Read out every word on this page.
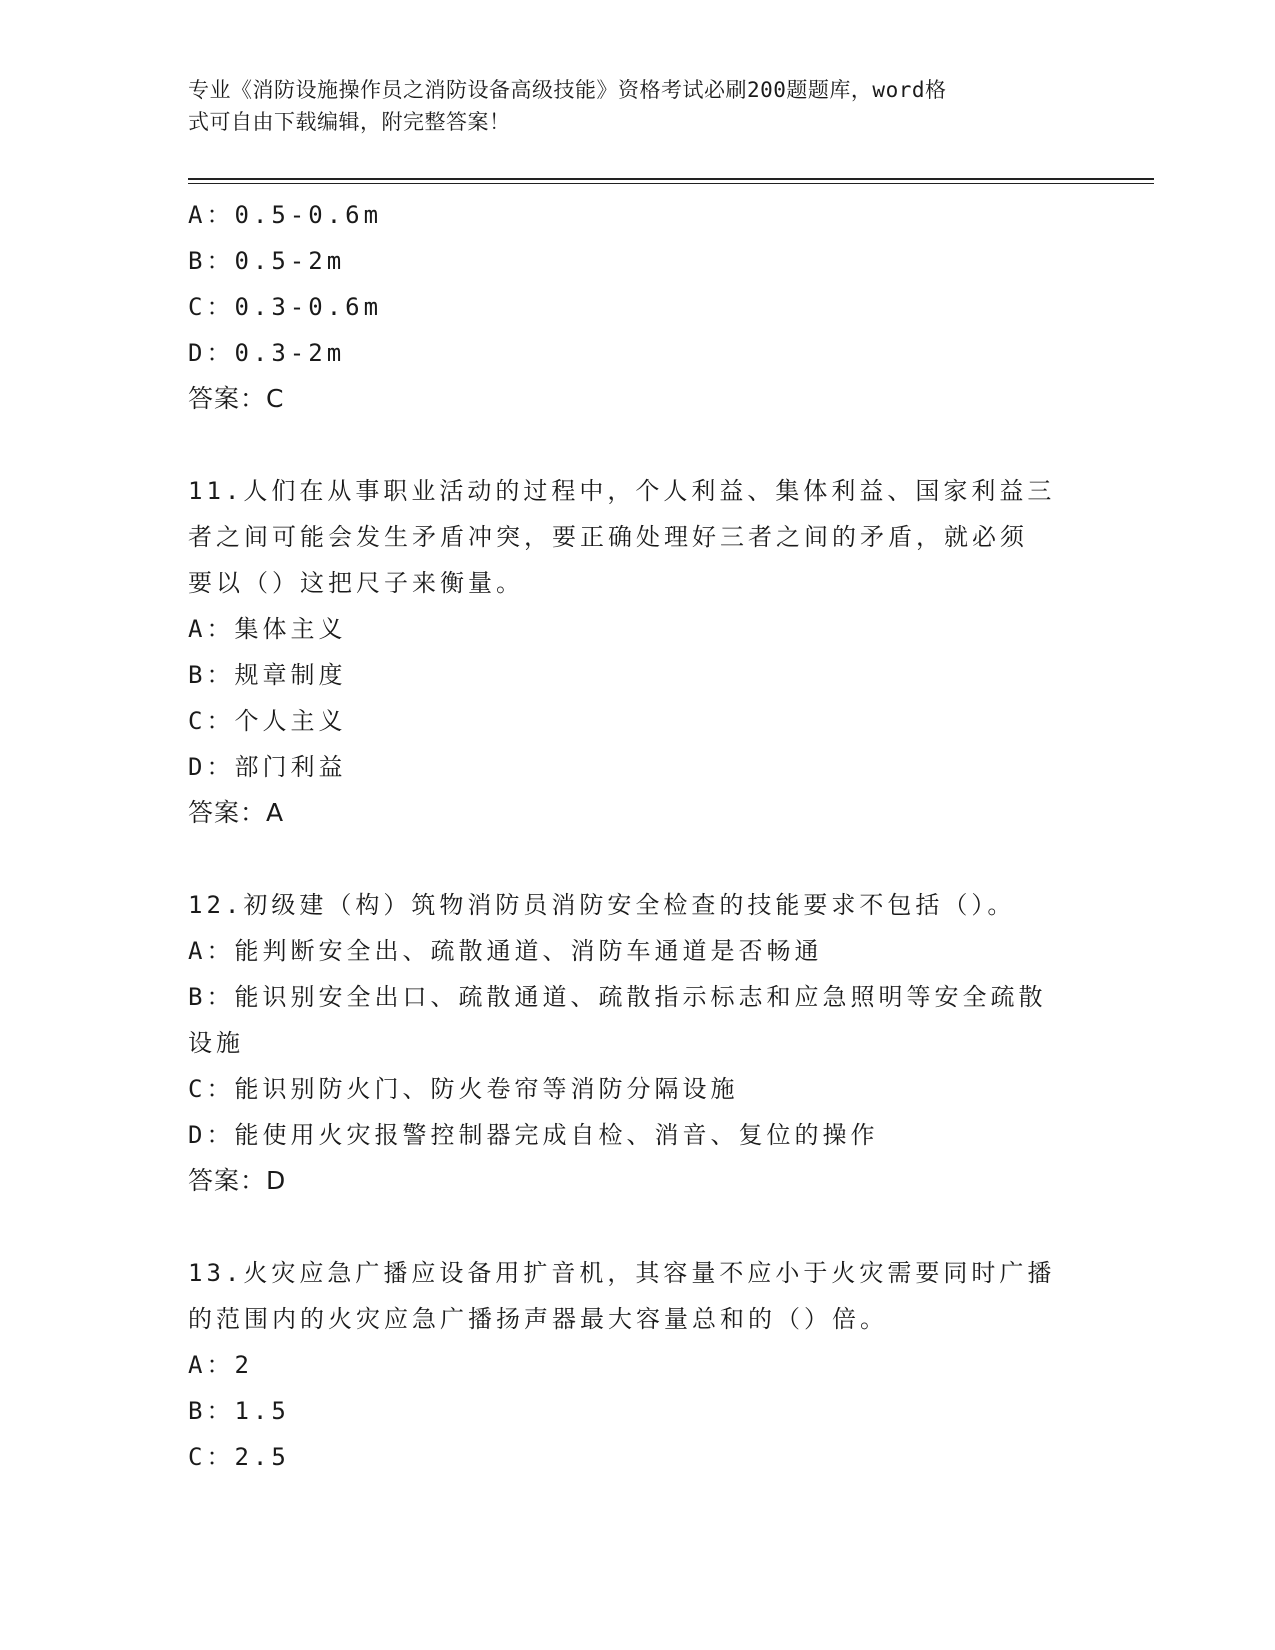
专业《消防设施操作员之消防设备高级技能》资格考试必刷200题题库，word格
式可自由下载编辑，附完整答案！
A：0.5-0.6m
B：0.5-2m
C：0.3-0.6m
D：0.3-2m
答案：C
11.人们在从事职业活动的过程中，个人利益、集体利益、国家利益三
者之间可能会发生矛盾冲突，要正确处理好三者之间的矛盾，就必须
要以（）这把尺子来衡量。
A：集体主义
B：规章制度
C：个人主义
D：部门利益
答案：A
12.初级建（构）筑物消防员消防安全检查的技能要求不包括（）。
A：能判断安全出、疏散通道、消防车通道是否畅通
B：能识别安全出口、疏散通道、疏散指示标志和应急照明等安全疏散
设施
C：能识别防火门、防火卷帘等消防分隔设施
D：能使用火灾报警控制器完成自检、消音、复位的操作
答案：D
13.火灾应急广播应设备用扩音机，其容量不应小于火灾需要同时广播
的范围内的火灾应急广播扬声器最大容量总和的（）倍。
A：2
B：1.5
C：2.5
